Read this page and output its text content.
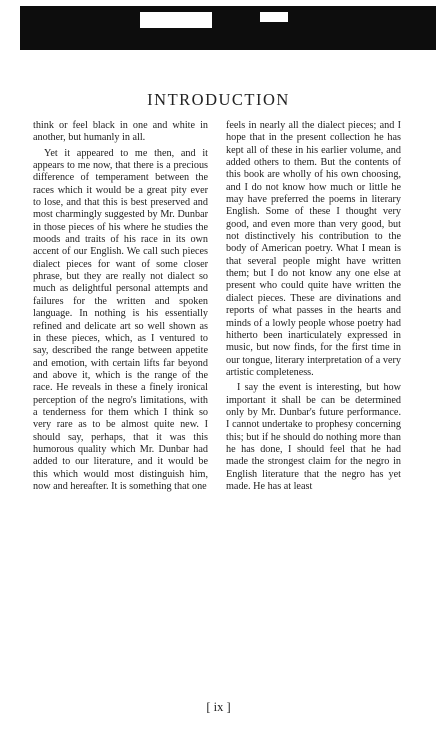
INTRODUCTION

think or feel black in one and white in another, but humanly in all.

Yet it appeared to me then, and it appears to me now, that there is a precious difference of temperament between the races which it would be a great pity ever to lose, and that this is best preserved and most charmingly suggested by Mr. Dunbar in those pieces of his where he studies the moods and traits of his race in its own accent of our English. We call such pieces dialect pieces for want of some closer phrase, but they are really not dialect so much as delightful personal attempts and failures for the written and spoken language. In nothing is his essentially refined and delicate art so well shown as in these pieces, which, as I ventured to say, described the range between appetite and emotion, with certain lifts far beyond and above it, which is the range of the race. He reveals in these a finely ironical perception of the negro's limitations, with a tenderness for them which I think so very rare as to be almost quite new. I should say, perhaps, that it was this humorous quality which Mr. Dunbar had added to our literature, and it would be this which would most distinguish him, now and hereafter. It is something that one

feels in nearly all the dialect pieces; and I hope that in the present collection he has kept all of these in his earlier volume, and added others to them. But the contents of this book are wholly of his own choosing, and I do not know how much or little he may have preferred the poems in literary English. Some of these I thought very good, and even more than very good, but not distinctively his contribution to the body of American poetry. What I mean is that several people might have written them; but I do not know any one else at present who could quite have written the dialect pieces. These are divinations and reports of what passes in the hearts and minds of a lowly people whose poetry had hitherto been inarticulately expressed in music, but now finds, for the first time in our tongue, literary interpretation of a very artistic completeness.

I say the event is interesting, but how important it shall be can be determined only by Mr. Dunbar's future performance. I cannot undertake to prophesy concerning this; but if he should do nothing more than he has done, I should feel that he had made the strongest claim for the negro in English literature that the negro has yet made. He has at least

[ ix ]
